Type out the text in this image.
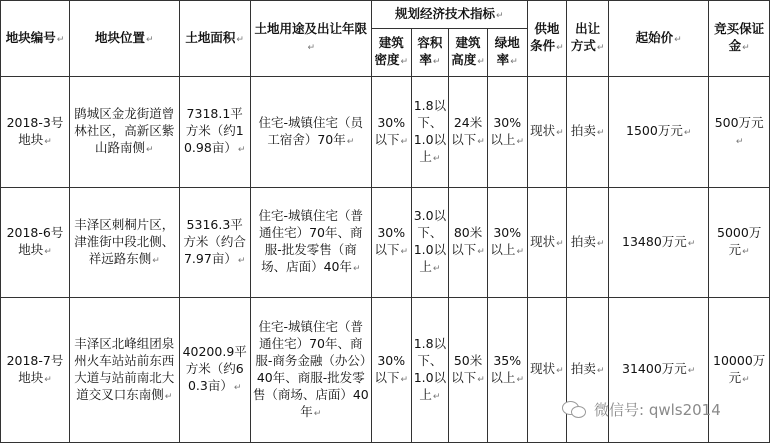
地块编号↵	地块位置↵	土地面积↵	土地用途及出让年限↵	规划经济技术指标↵				供地条件↵	出让方式↵	起始价↵	竞买保证金↵
				建筑密度↵	容积率↵	建筑高度↵	绿地率↵				
2018-3号地块↵	鹍城区金龙街道曾林社区，高新区紫山路南侧↵	7318.1平方米（约10.98亩）↵	住宅-城镇住宅（员工宿舍）70年↵	30%以下↵	1.8以下、1.0以上↵	24米以下↵	30%以上↵	现状↵	拍卖↵	1500万元↵	500万元↵
2018-6号地块↵	丰泽区刺桐片区，津淮街中段北侧、祥远路东侧↵	5316.3平方米（约合7.97亩）↵	住宅-城镇住宅（普通住宅）70年、商服-批发零售（商场、店面）40年↵	30%以下↵	3.0以下、1.0以上↵	80米以下↵	30%以上↵	现状↵	拍卖↵	13480万元↵	5000万元↵
2018-7号地块↵	丰泽区北峰组团泉州火车站站前东西大道与站前南北大道交叉口东南侧↵	40200.9平方米（约60.3亩）↵	住宅-城镇住宅（普通住宅）70年、商服-商务金融（办公）40年、商服-批发零售（商场、店面）40年↵	30%以下↵	1.8以下、1.0以上↵	50米以下↵	35%以上↵	现状↵	拍卖↵	31400万元↵	10000万元↵
微信号: qwls2014
